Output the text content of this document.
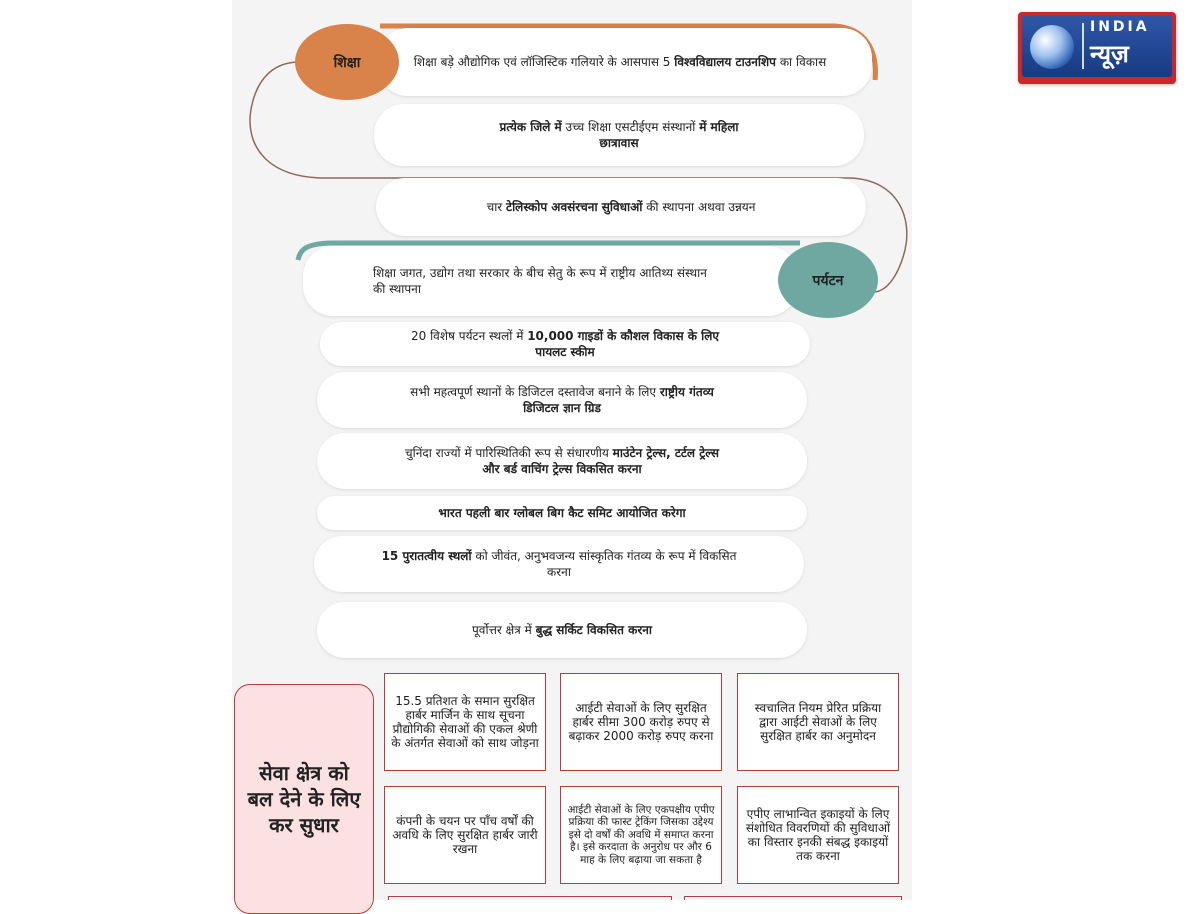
शिक्षा बड़े औद्योगिक एवं लॉजिस्टिक गलियारे के आसपास 5 विश्वविद्यालय टाउनशिप का विकास
शिक्षा
प्रत्येक जिले में उच्च शिक्षा एसटीईएम संस्थानों में महिला छात्रावास
चार टेलिस्कोप अवसंरचना सुविधाओं की स्थापना अथवा उन्नयन
शिक्षा जगत, उद्योग तथा सरकार के बीच सेतु के रूप में राष्ट्रीय आतिथ्य संस्थान की स्थापना
पर्यटन
20 विशेष पर्यटन स्थलों में 10,000 गाइडों के कौशल विकास के लिए पायलट स्कीम
सभी महत्वपूर्ण स्थानों के डिजिटल दस्तावेज बनाने के लिए राष्ट्रीय गंतव्य डिजिटल ज्ञान ग्रिड
चुनिंदा राज्यों में पारिस्थितिकी रूप से संधारणीय माउंटेन ट्रेल्स, टर्टल ट्रेल्स और बर्ड वाचिंग ट्रेल्स विकसित करना
भारत पहली बार ग्लोबल बिग कैट समिट आयोजित करेगा
15 पुरातत्वीय स्थलों को जीवंत, अनुभवजन्य सांस्कृतिक गंतव्य के रूप में विकसित करना
पूर्वोत्तर क्षेत्र में बुद्ध सर्किट विकसित करना
सेवा क्षेत्र को बल देने के लिए कर सुधार
15.5 प्रतिशत के समान सुरक्षित हार्बर मार्जिन के साथ सूचना प्रौद्योगिकी सेवाओं की एकल श्रेणी के अंतर्गत सेवाओं को साथ जोड़ना
आईटी सेवाओं के लिए सुरक्षित हार्बर सीमा 300 करोड़ रुपए से बढ़ाकर 2000 करोड़ रुपए करना
स्वचालित नियम प्रेरित प्रक्रिया द्वारा आईटी सेवाओं के लिए सुरक्षित हार्बर का अनुमोदन
कंपनी के चयन पर पाँच वर्षों की अवधि के लिए सुरक्षित हार्बर जारी रखना
आईटी सेवाओं के लिए एकपक्षीय एपीए प्रक्रिया की फास्ट ट्रेकिंग जिसका उद्देश्य इसे दो वर्षों की अवधि में समाप्त करना है। इसे करदाता के अनुरोध पर और 6 माह के लिए बढ़ाया जा सकता है
एपीए लाभान्वित इकाइयों के लिए संशोधित विवरणियों की सुविधाओं का विस्तार इनकी संबद्ध इकाइयों तक करना
INDIA
न्यूज़
